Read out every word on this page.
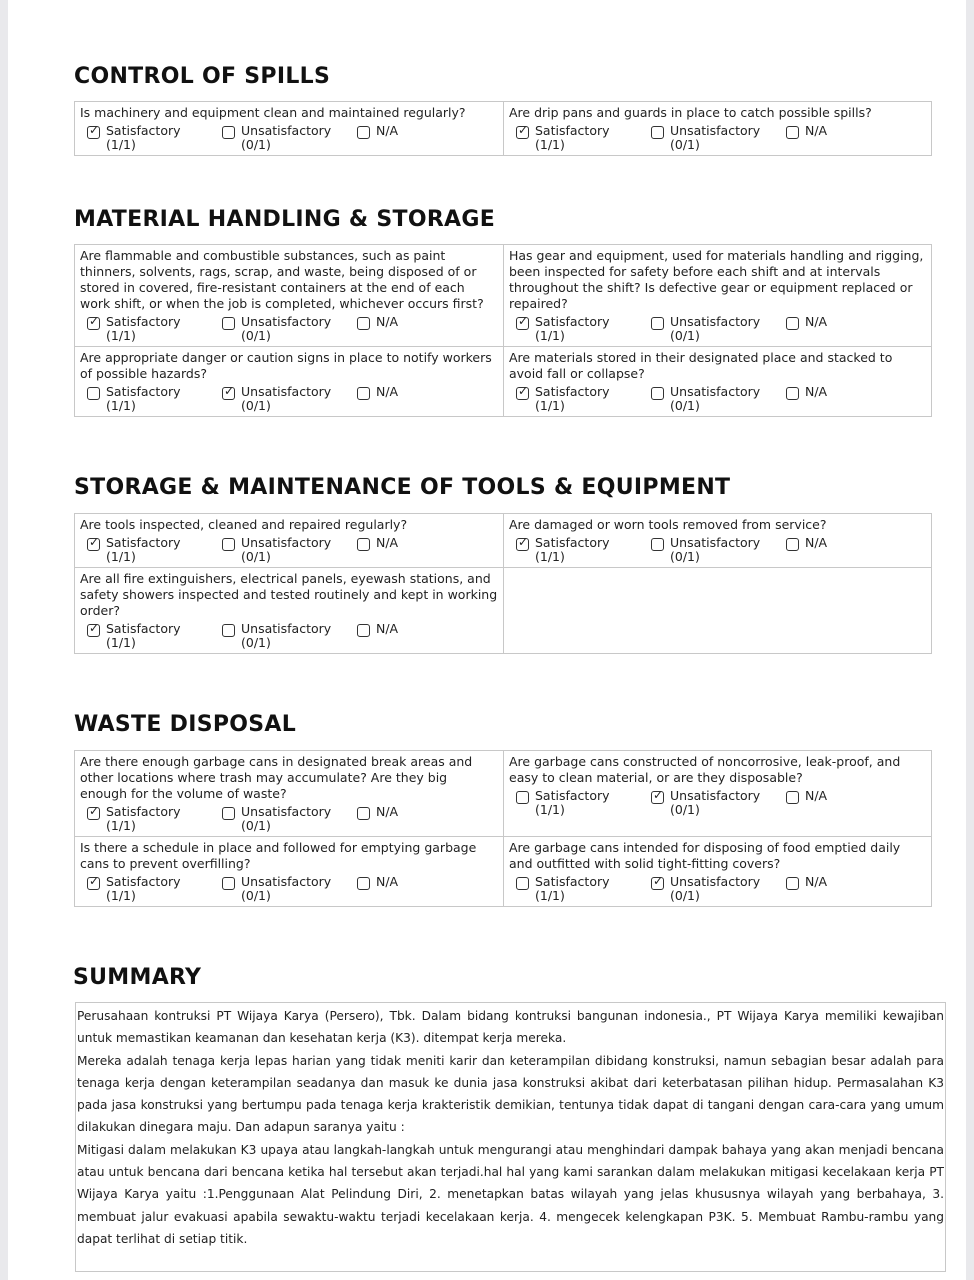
CONTROL OF SPILLS
Is machinery and equipment clean and maintained regularly?
✓ Satisfactory
(1/1)
Unsatisfactory
(0/1)
N/A
Are drip pans and guards in place to catch possible spills?
✓ Satisfactory
(1/1)
Unsatisfactory
(0/1)
N/A
MATERIAL HANDLING & STORAGE
Are flammable and combustible substances, such as paint thinners, solvents, rags, scrap, and waste, being disposed of or stored in covered, fire-resistant containers at the end of each work shift, or when the job is completed, whichever occurs first?
✓ Satisfactory
(1/1)
Unsatisfactory
(0/1)
N/A
Has gear and equipment, used for materials handling and rigging, been inspected for safety before each shift and at intervals throughout the shift? Is defective gear or equipment replaced or repaired?
✓ Satisfactory
(1/1)
Unsatisfactory
(0/1)
N/A
Are appropriate danger or caution signs in place to notify workers of possible hazards?
Satisfactory
(1/1)
✓ Unsatisfactory
(0/1)
N/A
Are materials stored in their designated place and stacked to avoid fall or collapse?
✓ Satisfactory
(1/1)
Unsatisfactory
(0/1)
N/A
STORAGE & MAINTENANCE OF TOOLS & EQUIPMENT
Are tools inspected, cleaned and repaired regularly?
✓ Satisfactory
(1/1)
Unsatisfactory
(0/1)
N/A
Are damaged or worn tools removed from service?
✓ Satisfactory
(1/1)
Unsatisfactory
(0/1)
N/A
Are all fire extinguishers, electrical panels, eyewash stations, and safety showers inspected and tested routinely and kept in working order?
✓ Satisfactory
(1/1)
Unsatisfactory
(0/1)
N/A
WASTE DISPOSAL
Are there enough garbage cans in designated break areas and other locations where trash may accumulate? Are they big enough for the volume of waste?
✓ Satisfactory
(1/1)
Unsatisfactory
(0/1)
N/A
Are garbage cans constructed of noncorrosive, leak-proof, and easy to clean material, or are they disposable?
Satisfactory
(1/1)
✓ Unsatisfactory
(0/1)
N/A
Is there a schedule in place and followed for emptying garbage cans to prevent overfilling?
✓ Satisfactory
(1/1)
Unsatisfactory
(0/1)
N/A
Are garbage cans intended for disposing of food emptied daily and outfitted with solid tight-fitting covers?
Satisfactory
(1/1)
✓ Unsatisfactory
(0/1)
N/A
SUMMARY

Perusahaan kontruksi PT Wijaya Karya (Persero), Tbk. Dalam bidang kontruksi bangunan indonesia., PT Wijaya Karya memiliki kewajiban untuk memastikan keamanan dan kesehatan kerja (K3). ditempat kerja mereka.

Mereka adalah tenaga kerja lepas harian yang tidak meniti karir dan keterampilan dibidang konstruksi, namun sebagian besar adalah para tenaga kerja dengan keterampilan seadanya dan masuk ke dunia jasa konstruksi akibat dari keterbatasan pilihan hidup. Permasalahan K3 pada jasa konstruksi yang bertumpu pada tenaga kerja krakteristik demikian, tentunya tidak dapat di tangani dengan cara-cara yang umum dilakukan dinegara maju. Dan adapun saranya yaitu :

Mitigasi dalam melakukan K3 upaya atau langkah-langkah untuk mengurangi atau menghindari dampak bahaya yang akan menjadi bencana atau untuk bencana dari bencana ketika hal tersebut akan terjadi.hal hal yang kami sarankan dalam melakukan mitigasi kecelakaan kerja PT Wijaya Karya yaitu :1.Penggunaan Alat Pelindung Diri, 2. menetapkan batas wilayah yang jelas khususnya wilayah yang berbahaya, 3. membuat jalur evakuasi apabila sewaktu-waktu terjadi kecelakaan kerja. 4. mengecek kelengkapan P3K. 5. Membuat Rambu-rambu yang dapat terlihat di setiap titik.
